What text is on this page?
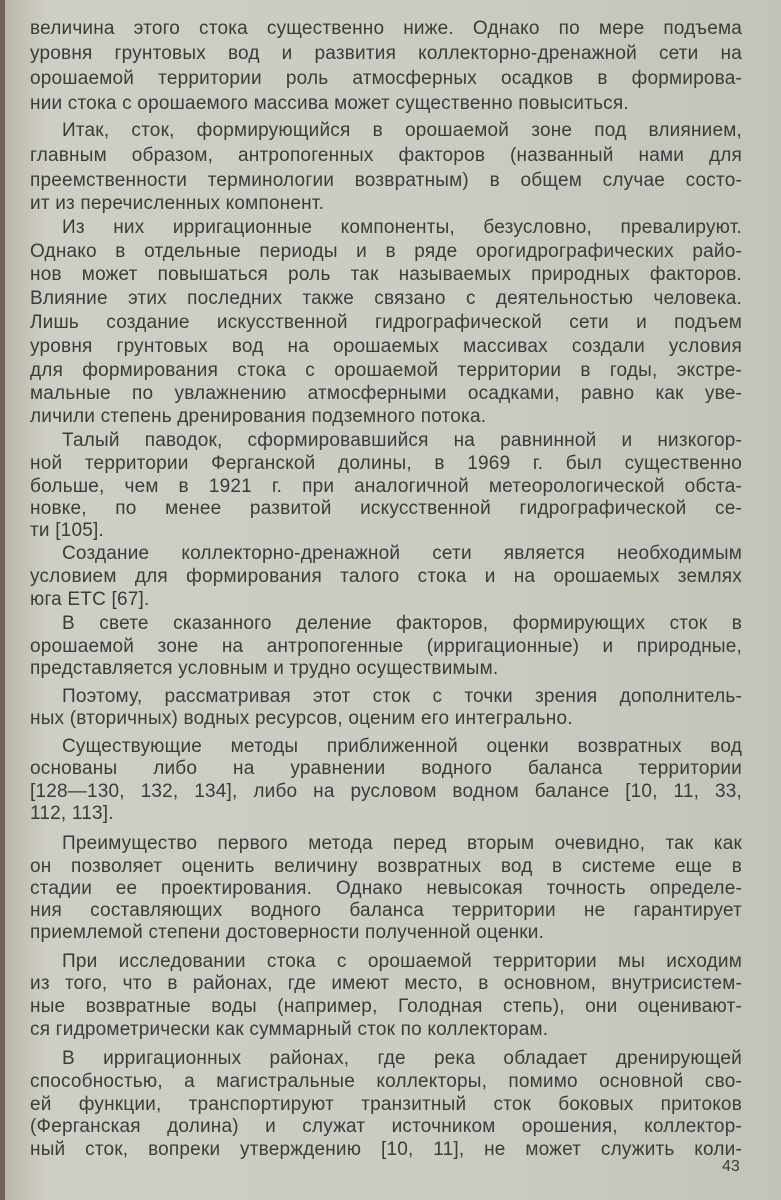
величина этого стока существенно ниже. Однако по мере подъема
уровня грунтовых вод и развития коллекторно-дренажной сети на
орошаемой территории роль атмосферных осадков в формирова-
нии стока с орошаемого массива может существенно повыситься.
Итак, сток, формирующийся в орошаемой зоне под влиянием,
главным образом, антропогенных факторов (названный нами для
преемственности терминологии возвратным) в общем случае состо-
ит из перечисленных компонент.
Из них ирригационные компоненты, безусловно, превалируют.
Однако в отдельные периоды и в ряде орогидрографических райо-
нов может повышаться роль так называемых природных факторов.
Влияние этих последних также связано с деятельностью человека.
Лишь создание искусственной гидрографической сети и подъем
уровня грунтовых вод на орошаемых массивах создали условия
для формирования стока с орошаемой территории в годы, экстре-
мальные по увлажнению атмосферными осадками, равно как уве-
личили степень дренирования подземного потока.
Талый паводок, сформировавшийся на равнинной и низкогор-
ной территории Ферганской долины, в 1969 г. был существенно
больше, чем в 1921 г. при аналогичной метеорологической обста-
новке, по менее развитой искусственной гидрографической се-
ти [105].
Создание коллекторно-дренажной сети является необходимым
условием для формирования талого стока и на орошаемых землях
юга ЕТС [67].
В свете сказанного деление факторов, формирующих сток в
орошаемой зоне на антропогенные (ирригационные) и природные,
представляется условным и трудно осуществимым.
Поэтому, рассматривая этот сток с точки зрения дополнитель-
ных (вторичных) водных ресурсов, оценим его интегрально.
Существующие методы приближенной оценки возвратных вод
основаны либо на уравнении водного баланса территории
[128—130, 132, 134], либо на русловом водном балансе [10, 11, 33,
112, 113].
Преимущество первого метода перед вторым очевидно, так как
он позволяет оценить величину возвратных вод в системе еще в
стадии ее проектирования. Однако невысокая точность определе-
ния составляющих водного баланса территории не гарантирует
приемлемой степени достоверности полученной оценки.
При исследовании стока с орошаемой территории мы исходим
из того, что в районах, где имеют место, в основном, внутрисистем-
ные возвратные воды (например, Голодная степь), они оценивают-
ся гидрометрически как суммарный сток по коллекторам.
В ирригационных районах, где река обладает дренирующей
способностью, а магистральные коллекторы, помимо основной сво-
ей функции, транспортируют транзитный сток боковых притоков
(Ферганская долина) и служат источником орошения, коллектор-
ный сток, вопреки утверждению [10, 11], не может служить коли-
43
